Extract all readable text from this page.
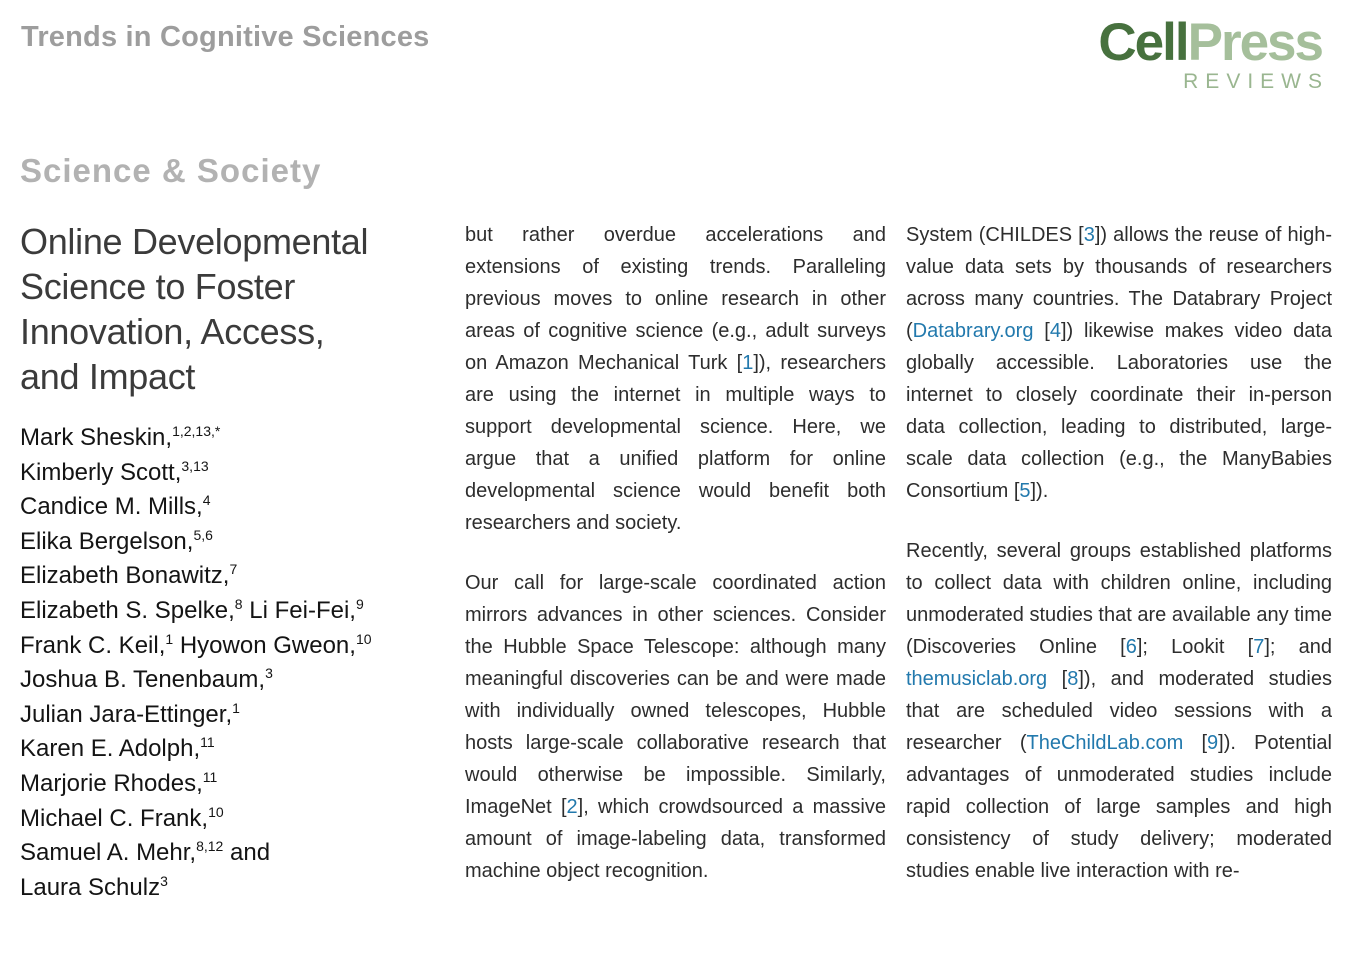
Trends in Cognitive Sciences	CellPress
REVIEWS
Science & Society
Online Developmental
Science to Foster
Innovation, Access,
and Impact
Mark Sheskin,$^{1,2,13,*}$
Kimberly Scott,$^{3,13}$
Candice M. Mills,$^4$
Elika Bergelson,$^{5,6}$
Elizabeth Bonawitz,$^7$
Elizabeth S. Spelke,$^8$ Li Fei-Fei,$^9$
Frank C. Keil,$^1$ Hyowon Gweon,$^{10}$
Joshua B. Tenenbaum,$^3$
Julian Jara-Ettinger,$^1$
Karen E. Adolph,$^{11}$
Marjorie Rhodes,$^{11}$
Michael C. Frank,$^{10}$
Samuel A. Mehr,$^{8,12}$ and
Laura Schulz$^3$

but rather overdue accelerations and extensions of existing trends. Paralleling previous moves to online research in other areas of cognitive science (e.g., adult surveys on Amazon Mechanical Turk [1]), researchers are using the internet in multiple ways to support developmental science. Here, we argue that a unified platform for online developmental science would benefit both researchers and society.

Our call for large-scale coordinated action mirrors advances in other sciences. Consider the Hubble Space Telescope: although many meaningful discoveries can be and were made with individually owned telescopes, Hubble hosts large-scale collaborative research that would otherwise be impossible. Similarly, ImageNet [2], which crowdsourced a massive amount of image-labeling data, transformed machine object recognition.

System (CHILDES [3]) allows the reuse of high-value data sets by thousands of researchers across many countries. The Databrary Project (Databrary.org [4]) likewise makes video data globally accessible. Laboratories use the internet to closely coordinate their in-person data collection, leading to distributed, large-scale data collection (e.g., the ManyBabies Consortium [5]).

Recently, several groups established platforms to collect data with children online, including unmoderated studies that are available any time (Discoveries Online [6]; Lookit [7]; and themusiclab.org [8]), and moderated studies that are scheduled video sessions with a researcher (TheChildLab.com [9]). Potential advantages of unmoderated studies include rapid collection of large samples and high consistency of study delivery; moderated studies enable live interaction with re-
